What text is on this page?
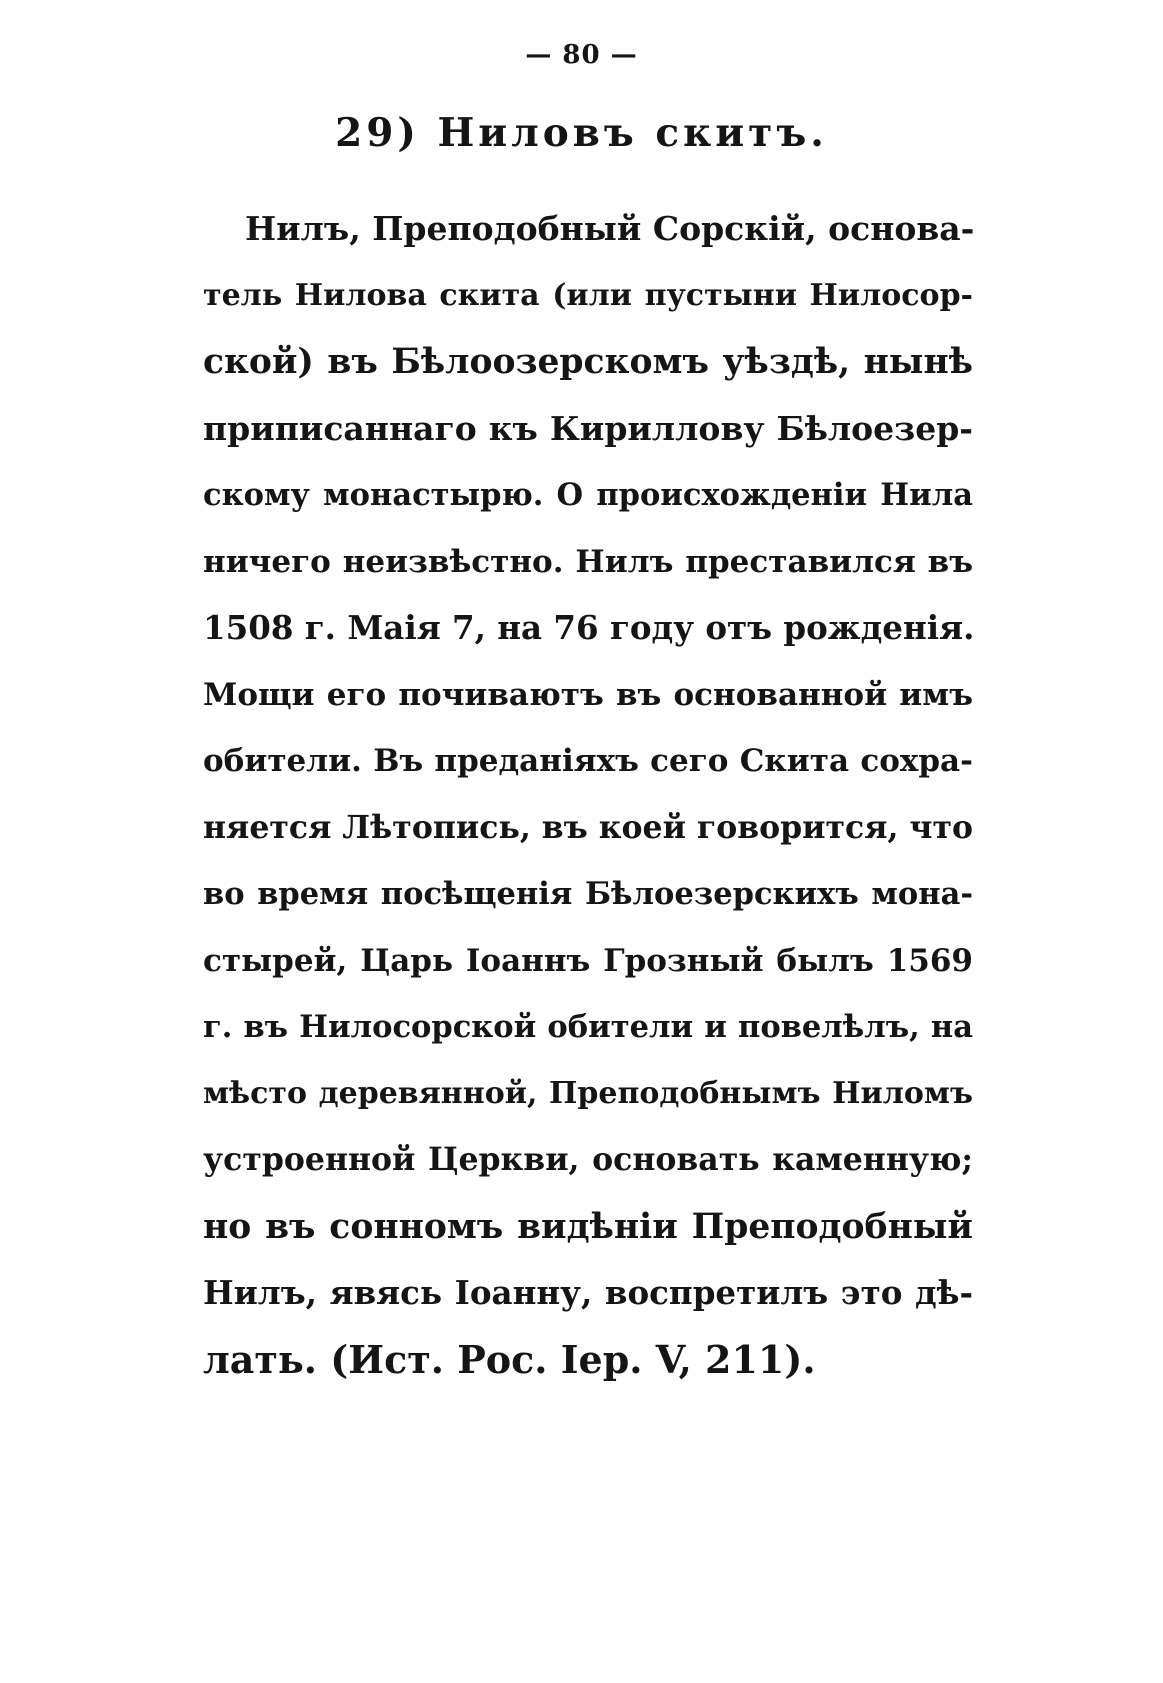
— 80 —
29) Ниловъ скитъ.
Нилъ, Преподобный Сорскій, основа-
тель Нилова скита (или пустыни Нилосор-
ской) въ Бѣлоозерскомъ уѣздѣ, нынѣ
приписаннаго къ Кириллову Бѣлоезер-
скому монастырю. О происхожденіи Нила
ничего неизвѣстно. Нилъ преставился въ
1508 г. Маія 7, на 76 году отъ рожденія.
Мощи его почиваютъ въ основанной имъ
обители. Въ преданіяхъ сего Скита сохра-
няется Лѣтопись, въ коей говорится, что
во время посѣщенія Бѣлоезерскихъ мона-
стырей, Царь Іоаннъ Грозный былъ 1569
г. въ Нилосорской обители и повелѣлъ, на
мѣсто деревянной, Преподобнымъ Ниломъ
устроенной Церкви, основать каменную;
но въ сонномъ видѣніи Преподобный
Нилъ, явясь Іоанну, воспретилъ это дѣ-
лать. (Ист. Рос. Іер. V, 211).
